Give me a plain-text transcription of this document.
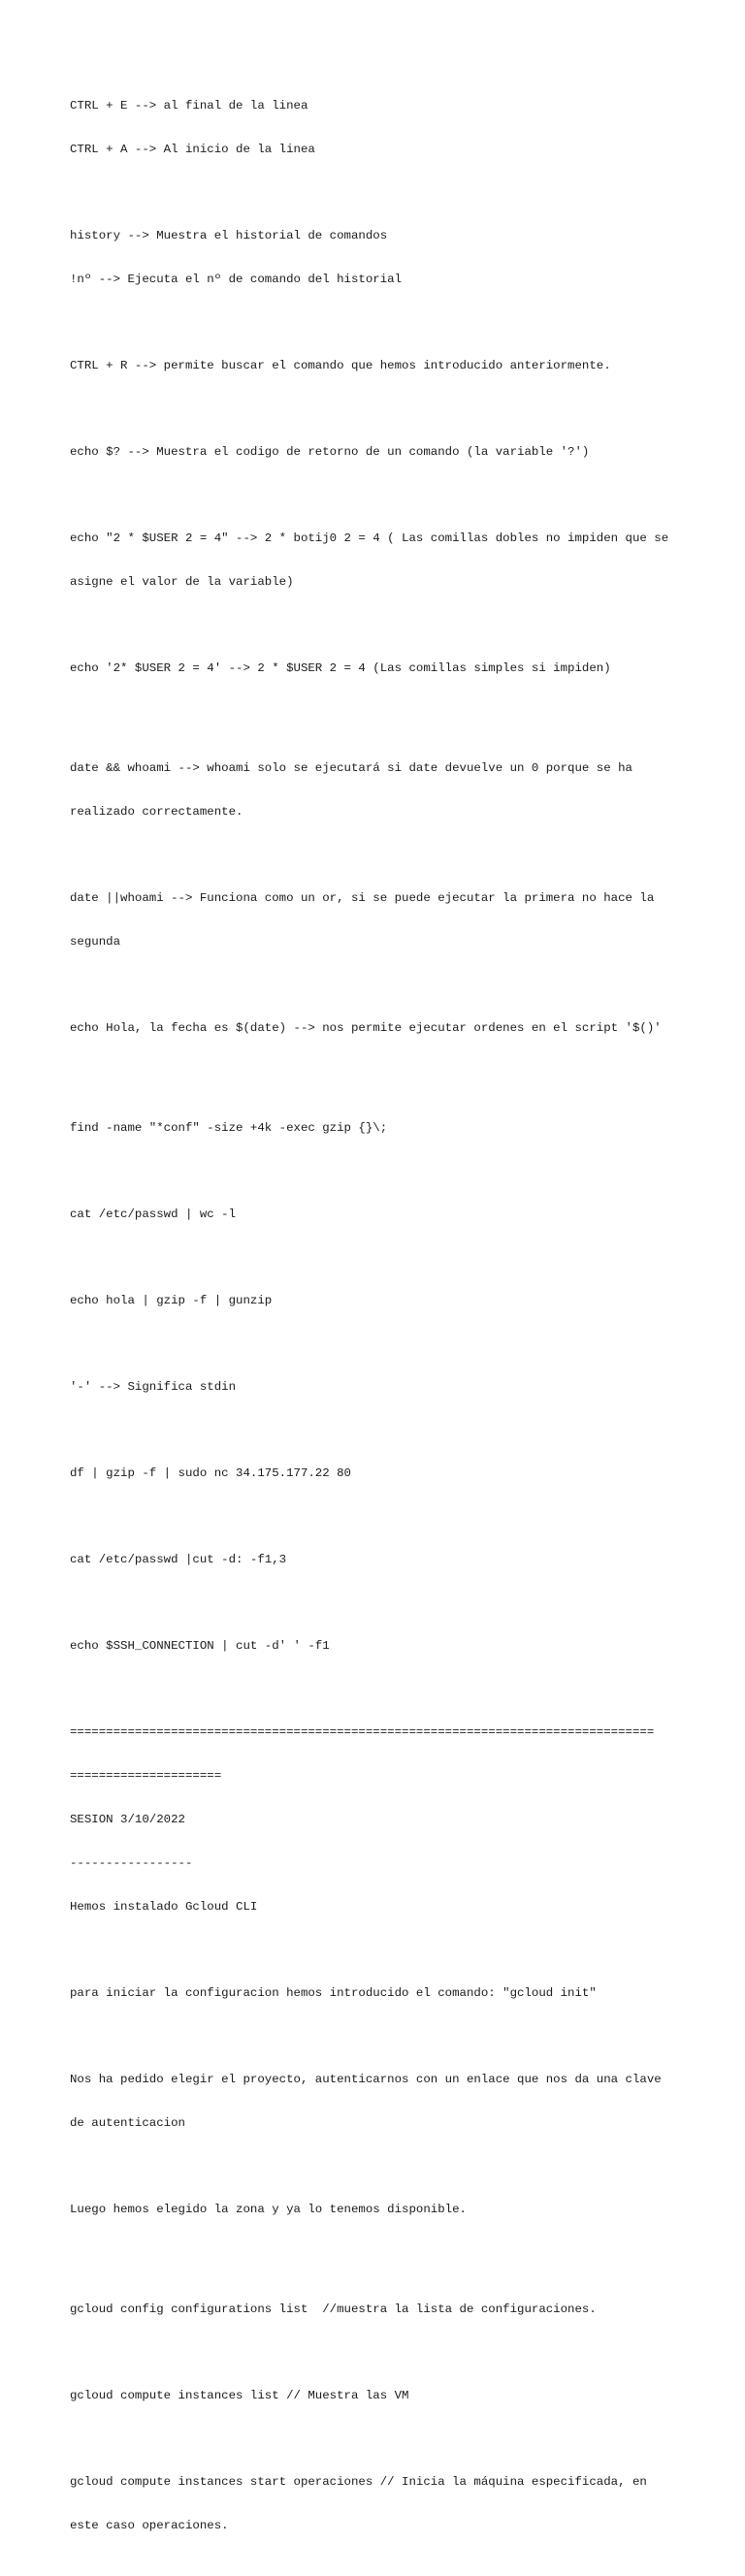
CTRL + E --> al final de la linea

CTRL + A --> Al inicio de la linea

history --> Muestra el historial de comandos

!nº --> Ejecuta el nº de comando del historial

CTRL + R --> permite buscar el comando que hemos introducido anteriormente.

echo $? --> Muestra el codigo de retorno de un comando (la variable '?')

echo "2 * $USER 2 = 4" --> 2 * botij0 2 = 4 ( Las comillas dobles no impiden que se

asigne el valor de la variable)

echo '2* $USER 2 = 4' --> 2 * $USER 2 = 4 (Las comillas simples si impiden)

date && whoami --> whoami solo se ejecutará si date devuelve un 0 porque se ha

realizado correctamente.

date ||whoami --> Funciona como un or, si se puede ejecutar la primera no hace la

segunda

echo Hola, la fecha es $(date) --> nos permite ejecutar ordenes en el script '$()'

find -name "*conf" -size +4k -exec gzip {}\;

cat /etc/passwd | wc -l

echo hola | gzip -f | gunzip

'-' --> Significa stdin

df | gzip -f | sudo nc 34.175.177.22 80

cat /etc/passwd |cut -d: -f1,3

echo $SSH_CONNECTION | cut -d' ' -f1

=================================================================================

=====================

SESION 3/10/2022

-----------------

Hemos instalado Gcloud CLI

para iniciar la configuracion hemos introducido el comando: "gcloud init"

Nos ha pedido elegir el proyecto, autenticarnos con un enlace que nos da una clave

de autenticacion

Luego hemos elegido la zona y ya lo tenemos disponible.

gcloud config configurations list  //muestra la lista de configuraciones.

gcloud compute instances list // Muestra las VM

gcloud compute instances start operaciones // Inicia la máquina especificada, en

este caso operaciones.
